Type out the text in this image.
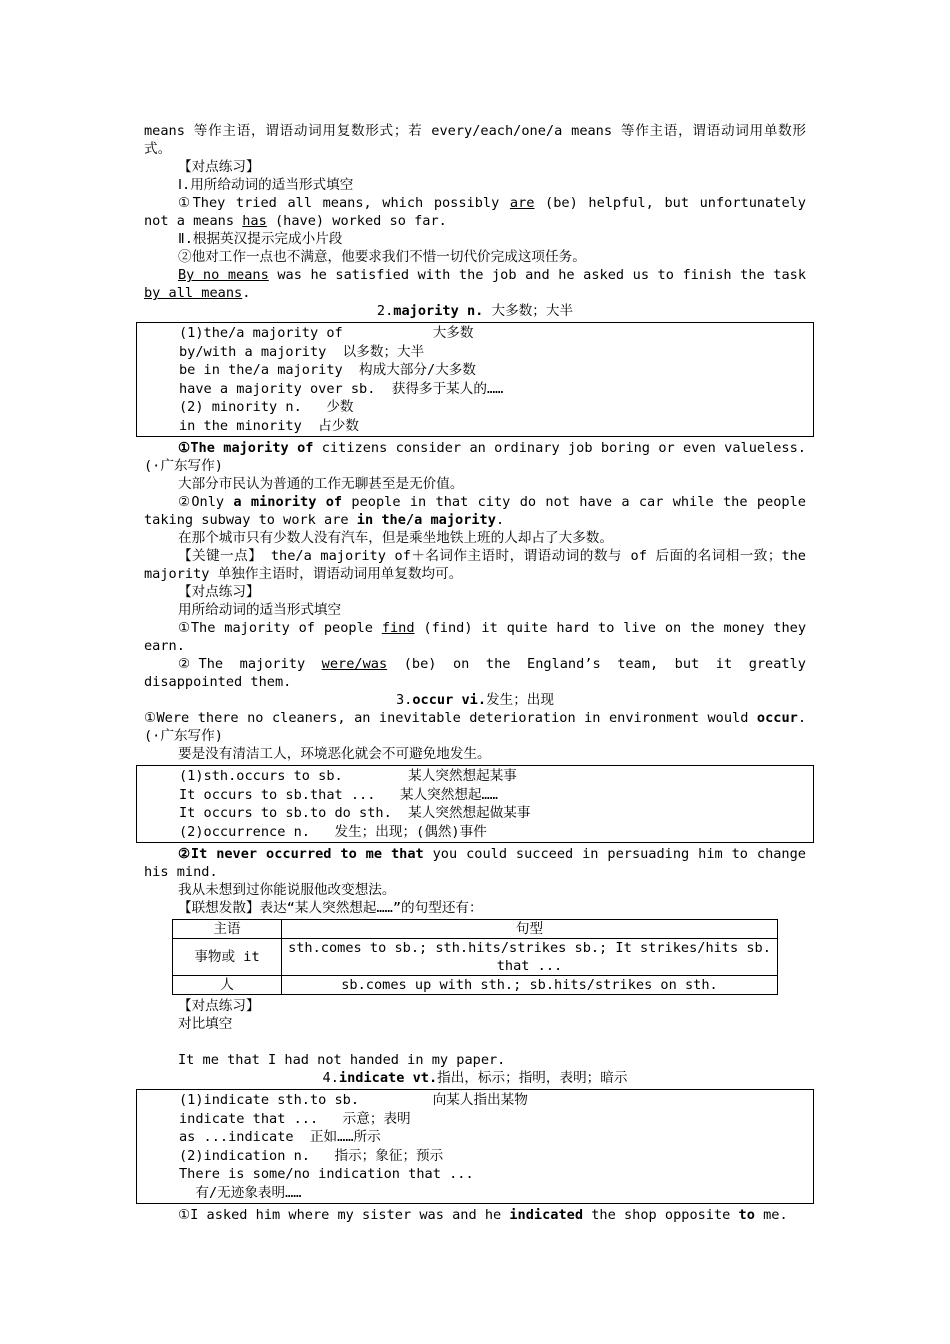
means 等作主语，谓语动词用复数形式；若 every/each/one/a means 等作主语，谓语动词用单数形式。

【对点练习】

Ⅰ.用所给动词的适当形式填空

①They tried all means, which possibly are (be) helpful, but unfortunately not a means has (have) worked so far.

Ⅱ.根据英汉提示完成小片段

②他对工作一点也不满意，他要求我们不惜一切代价完成这项任务。

By no means was he satisfied with the job and he asked us to finish the task by all means.

2.majority n. 大多数；大半

(1)the/a majority of           大多数
by/with a majority  以多数；大半
be in the/a majority  构成大部分/大多数
have a majority over sb.  获得多于某人的……
(2) minority n.   少数
in the minority  占少数

①The majority of citizens consider an ordinary job boring or even valueless.(·广东写作)

大部分市民认为普通的工作无聊甚至是无价值。

②Only a minority of people in that city do not have a car while the people taking subway to work are in the/a majority.

在那个城市只有少数人没有汽车，但是乘坐地铁上班的人却占了大多数。

【关键一点】 the/a majority of＋名词作主语时，谓语动词的数与 of 后面的名词相一致；the majority 单独作主语时，谓语动词用单复数均可。

【对点练习】

用所给动词的适当形式填空

①The majority of people find (find) it quite hard to live on the money they earn.

②The majority were/was (be) on the England’s team, but it greatly disappointed them.

3.occur vi.发生；出现

①Were there no cleaners, an inevitable deterioration in environment would occur.(·广东写作)

要是没有清洁工人，环境恶化就会不可避免地发生。

(1)sth.occurs to sb.        某人突然想起某事
It occurs to sb.that ...   某人突然想起……
It occurs to sb.to do sth.  某人突然想起做某事
(2)occurrence n.   发生；出现；(偶然)事件

②It never occurred to me that you could succeed in persuading him to change his mind.

我从未想到过你能说服他改变想法。

【联想发散】表达“某人突然想起……”的句型还有：

主语	句型
事物或 it	sth.comes to sb.; sth.hits/strikes sb.; It strikes/hits sb. that ...
人	sb.comes up with sth.; sb.hits/strikes on sth.

【对点练习】

对比填空

It me that I had not handed in my paper.

4.indicate vt.指出，标示；指明，表明；暗示

(1)indicate sth.to sb.         向某人指出某物
indicate that ...   示意；表明
as ...indicate  正如……所示
(2)indication n.   指示；象征；预示
There is some/no indication that ...
有/无迹象表明……

①I asked him where my sister was and he indicated the shop opposite to me.
